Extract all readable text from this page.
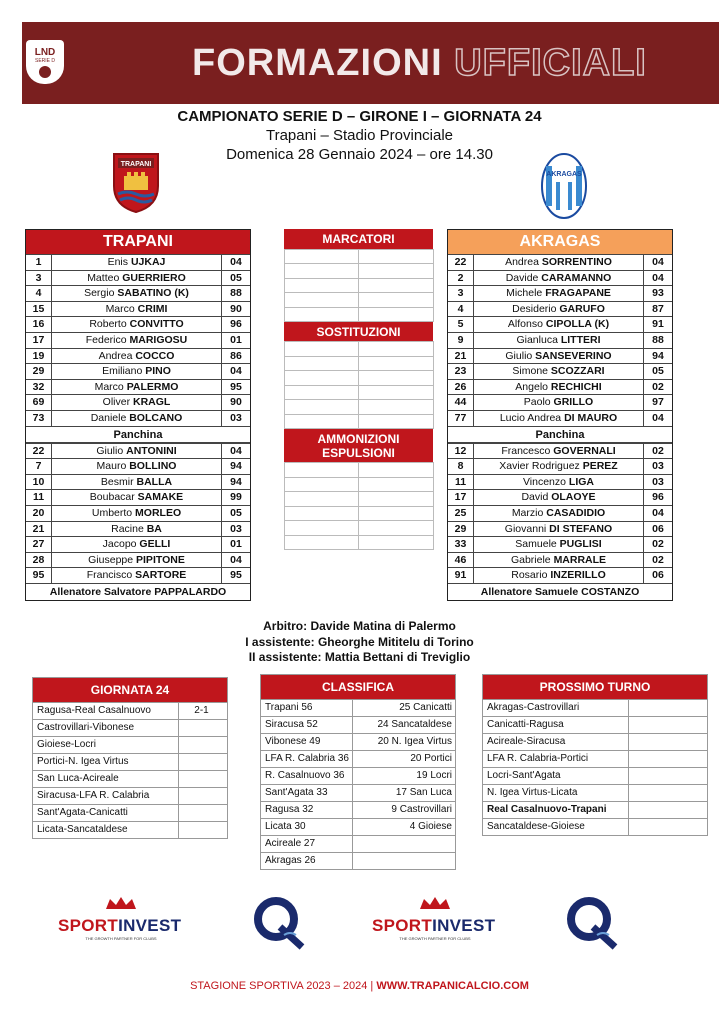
LND
SERIE D	FORMAZIONI UFFICIALI
CAMPIONATO SERIE D – GIRONE I – GIORNATA 24
Trapani – Stadio Provinciale
Domenica 28 Gennaio 2024 – ore 14.30
TRAPANI
AKRAGAS
TRAPANI
1	Enis UJKAJ	04
3	Matteo GUERRIERO	05
4	Sergio SABATINO (K)	88
15	Marco CRIMI	90
16	Roberto CONVITTO	96
17	Federico MARIGOSU	01
19	Andrea COCCO	86
29	Emiliano PINO	04
32	Marco PALERMO	95
69	Oliver KRAGL	90
73	Daniele BOLCANO	03
Panchina
22	Giulio ANTONINI	04
7	Mauro BOLLINO	94
10	Besmir BALLA	94
11	Boubacar SAMAKE	99
20	Umberto MORLEO	05
21	Racine BA	03
27	Jacopo GELLI	01
28	Giuseppe PIPITONE	04
95	Francisco SARTORE	95
Allenatore Salvatore PAPPALARDO
MARCATORI
SOSTITUZIONI
AMMONIZIONI
ESPULSIONI
AKRAGAS
22	Andrea SORRENTINO	04
2	Davide CARAMANNO	04
3	Michele FRAGAPANE	93
4	Desiderio GARUFO	87
5	Alfonso CIPOLLA (K)	91
9	Gianluca LITTERI	88
21	Giulio SANSEVERINO	94
23	Simone SCOZZARI	05
26	Angelo RECHICHI	02
44	Paolo GRILLO	97
77	Lucio Andrea DI MAURO	04
Panchina
12	Francesco GOVERNALI	02
8	Xavier Rodriguez PEREZ	03
11	Vincenzo LIGA	03
17	David OLAOYE	96
25	Marzio CASADIDIO	04
29	Giovanni DI STEFANO	06
33	Samuele PUGLISI	02
46	Gabriele MARRALE	02
91	Rosario INZERILLO	06
Allenatore Samuele COSTANZO
Arbitro: Davide Matina di Palermo
I assistente: Gheorghe Mititelu di Torino
II assistente: Mattia Bettani di Treviglio
GIORNATA 24
Ragusa-Real Casalnuovo	2-1
Castrovillari-Vibonese
Gioiese-Locri
Portici-N. Igea Virtus
San Luca-Acireale
Siracusa-LFA R. Calabria
Sant'Agata-Canicatti
Licata-Sancataldese
CLASSIFICA
Trapani 56	25 Canicatti
Siracusa 52	24 Sancataldese
Vibonese 49	20 N. Igea Virtus
LFA R. Calabria 36	20 Portici
R. Casalnuovo 36	19 Locri
Sant'Agata 33	17 San Luca
Ragusa 32	9 Castrovillari
Licata 30	4 Gioiese
Acireale 27
Akragas 26
PROSSIMO TURNO
Akragas-Castrovillari
Canicatti-Ragusa
Acireale-Siracusa
LFA R. Calabria-Portici
Locri-Sant'Agata
N. Igea Virtus-Licata
Real Casalnuovo-Trapani
Sancataldese-Gioiese
SPORTINVEST
THE GROWTH PARTNER FOR CLUBS
SPORTINVEST
THE GROWTH PARTNER FOR CLUBS
STAGIONE SPORTIVA 2023 – 2024 | WWW.TRAPANICALCIO.COM
